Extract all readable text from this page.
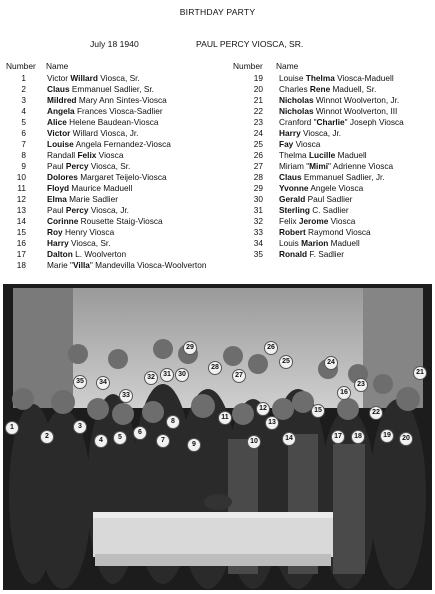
BIRTHDAY PARTY
July 18 1940	PAUL PERCY VIOSCA, SR.
Number Name	Number Name
1	Victor Willard Viosca, Sr.
2	Claus Emmanuel Sadlier, Sr.
3	Mildred Mary Ann Sintes-Viosca
4	Angela Frances Viosca-Sadlier
5	Alice Helene Baudean-Viosca
6	Victor Willard Viosca, Jr.
7	Louise Angela Fernandez-Viosca
8	Randall Felix Viosca
9	Paul Percy Viosca, Sr.
10	Dolores Margaret Teijelo-Viosca
11	Floyd Maurice Maduell
12	Elma Marie Sadlier
13	Paul Percy Viosca, Jr.
14	Corinne Rousette Staig-Viosca
15	Roy Henry Viosca
16	Harry Viosca, Sr.
17	Dalton L. Woolverton
18	Marie "Villa" Mandevilla Viosca-Woolverton
19 Louise Thelma Viosca-Maduell
20 Charles Rene Maduell, Sr.
21 Nicholas Winnot Woolverton, Jr.
22 Nicholas Winnot Woolverton, III
23 Cranford "Charlie" Joseph Viosca
24 Harry Viosca, Jr.
25 Fay Viosca
26 Thelma Lucille Maduell
27 Miriam "Mimi" Adrienne Viosca
28 Claus Emmanuel Sadlier, Jr.
29 Yvonne Angele Viosca
30 Gerald Paul Sadlier
31 Sterling C. Sadlier
32 Felix Jerome Viosca
33 Robert Raymond Viosca
34 Louis Marion Maduell
35 Ronald F. Sadlier
1
2
3
4	5
6
7
8
9	10
11
12
13
14
15
16
17	18	19	20
21
22
23
24
25
26
27
28
29
30
31
32
33
34
35
